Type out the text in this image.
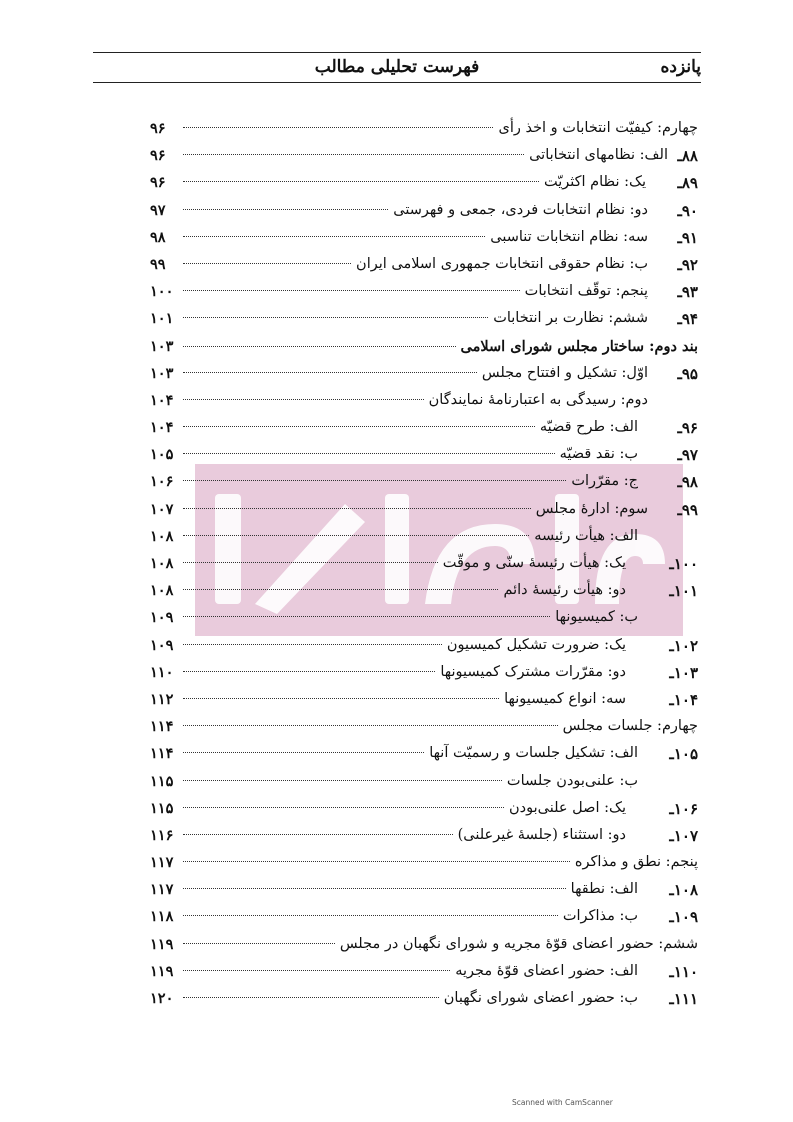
پانزده
فهرست تحلیلی مطالب
چهارم: کیفیّت انتخابات و اخذ رأی
۹۶
۸۸ـ
الف: نظامهای انتخاباتی
۹۶
۸۹ـ
یک: نظام اکثریّت
۹۶
۹۰ـ
دو: نظام انتخابات فردی، جمعی و فهرستی
۹۷
۹۱ـ
سه: نظام انتخابات تناسبی
۹۸
۹۲ـ
ب: نظام حقوقی انتخابات جمهوری اسلامی ایران
۹۹
۹۳ـ
پنجم: توقّف انتخابات
۱۰۰
۹۴ـ
ششم: نظارت بر انتخابات
۱۰۱
بند دوم: ساختار مجلس شورای اسلامی
۱۰۳
۹۵ـ
اوّل: تشکیل و افتتاح مجلس
۱۰۳
دوم: رسیدگی به اعتبارنامهٔ نمایندگان
۱۰۴
۹۶ـ
الف: طرح قضیّه
۱۰۴
۹۷ـ
ب: نقد قضیّه
۱۰۵
۹۸ـ
ج: مقرّرات
۱۰۶
۹۹ـ
سوم: ادارهٔ مجلس
۱۰۷
الف: هیأت رئیسه
۱۰۸
۱۰۰ـ
یک: هیأت رئیسهٔ سنّی و موقّت
۱۰۸
۱۰۱ـ
دو: هیأت رئیسهٔ دائم
۱۰۸
ب: کمیسیونها
۱۰۹
۱۰۲ـ
یک: ضرورت تشکیل کمیسیون
۱۰۹
۱۰۳ـ
دو: مقرّرات مشترک کمیسیونها
۱۱۰
۱۰۴ـ
سه: انواع کمیسیونها
۱۱۲
چهارم: جلسات مجلس
۱۱۴
۱۰۵ـ
الف: تشکیل جلسات و رسمیّت آنها
۱۱۴
ب: علنی‌بودن جلسات
۱۱۵
۱۰۶ـ
یک: اصل علنی‌بودن
۱۱۵
۱۰۷ـ
دو: استثناء (جلسهٔ غیرعلنی)
۱۱۶
پنجم: نطق و مذاکره
۱۱۷
۱۰۸ـ
الف: نطقها
۱۱۷
۱۰۹ـ
ب: مذاکرات
۱۱۸
ششم: حضور اعضای قوّهٔ مجریه و شورای نگهبان در مجلس
۱۱۹
۱۱۰ـ
الف: حضور اعضای قوّهٔ مجریه
۱۱۹
۱۱۱ـ
ب: حضور اعضای شورای نگهبان
۱۲۰
Scanned with CamScanner
